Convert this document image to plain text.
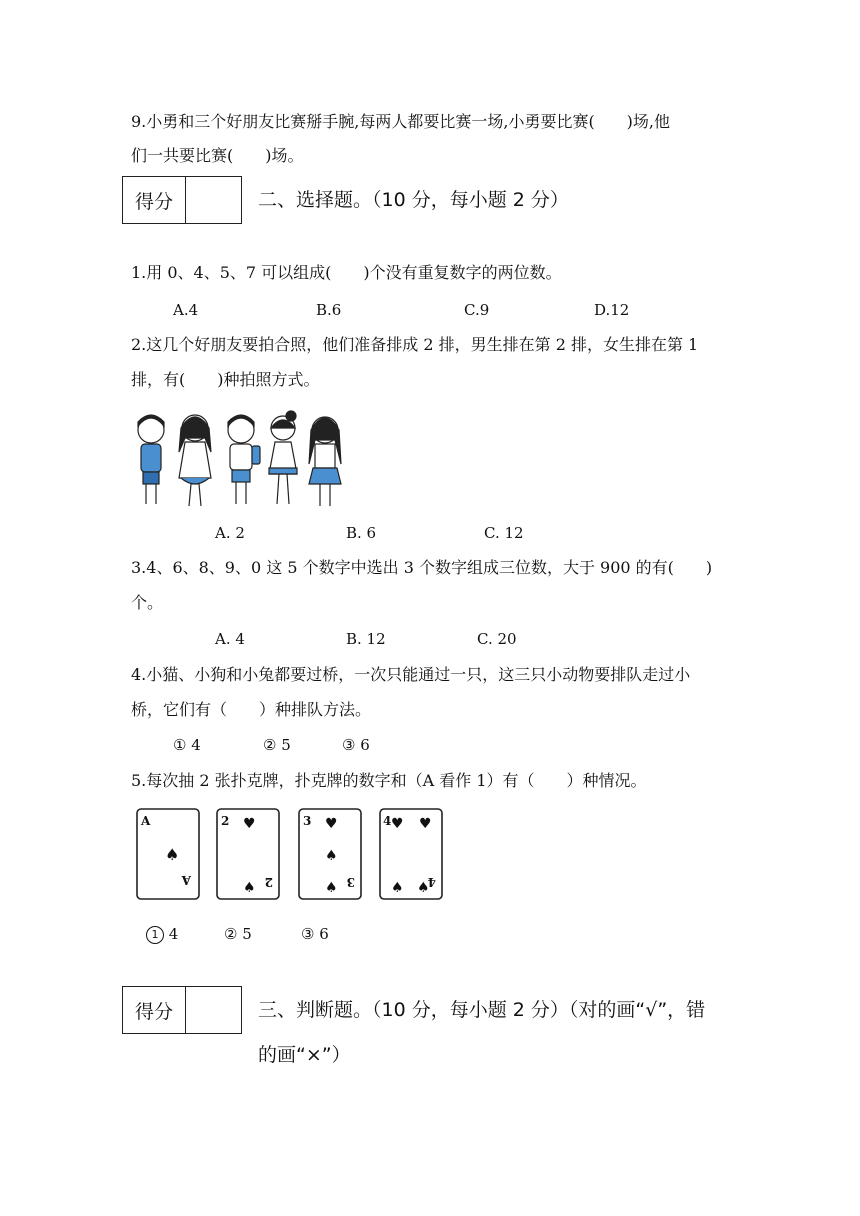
9.小勇和三个好朋友比赛掰手腕,每两人都要比赛一场,小勇要比赛(　　)场,他
们一共要比赛(　　)场。
得分	二、选择题。（10 分，每小题 2 分）
1.用 0、4、5、7 可以组成(　　)个没有重复数字的两位数。
A.4	B.6	C.9	D.12
2.这几个好朋友要拍合照，他们准备排成 2 排，男生排在第 2 排，女生排在第 1
排，有(　　)种拍照方式。
A. 2	B. 6	C. 12
3.4、6、8、9、0 这 5 个数字中选出 3 个数字组成三位数，大于 900 的有(　　)
个。
A. 4	B. 12	C. 20
4.小猫、小狗和小兔都要过桥，一次只能通过一只，这三只小动物要排队走过小
桥，它们有（　　）种排队方法。
① 4	② 5	③ 6
5.每次抽 2 张扑克牌，扑克牌的数字和（A 看作 1）有（　　）种情况。
A
♠
A
2 ♥
♠ 2
3 ♥
♠
♠ 3
4 ♥ ♥
♠ ♠
4
1 4	② 5	③ 6
得分	三、判断题。（10 分，每小题 2 分）（对的画“√”，错
的画“×”）
